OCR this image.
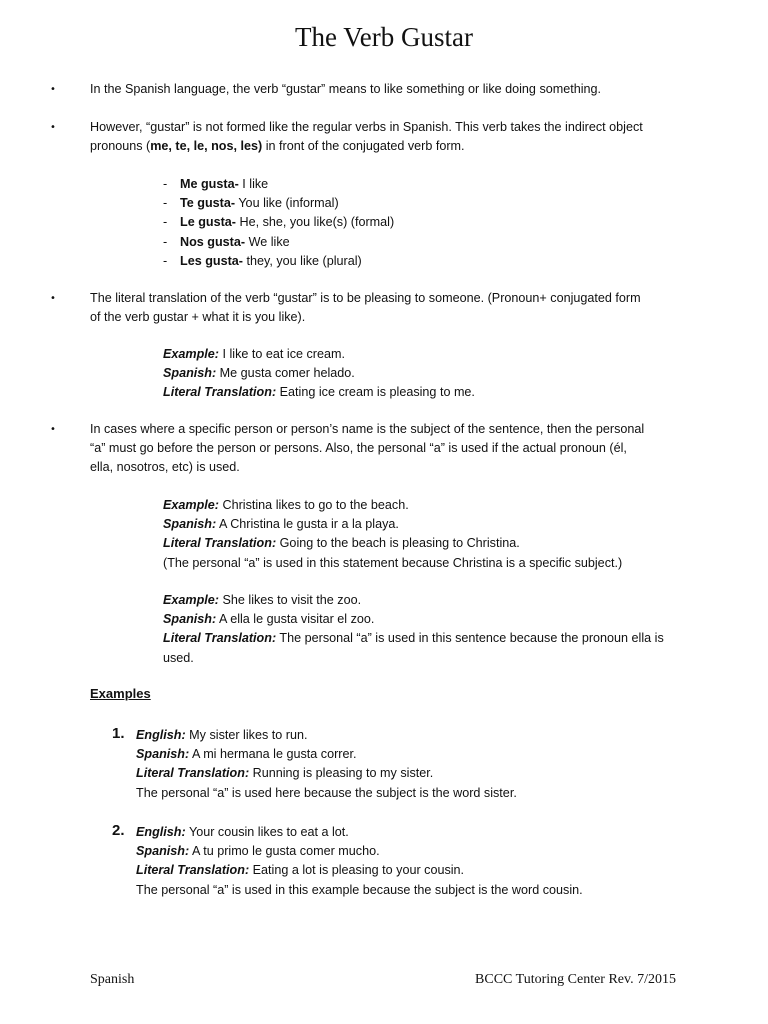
The Verb Gustar
•	In the Spanish language, the verb “gustar” means to like something or like doing something.
•	However, “gustar” is not formed like the regular verbs in Spanish. This verb takes the indirect object
pronouns (me, te, le, nos, les) in front of the conjugated verb form.
- Me gusta- I like
- Te gusta- You like (informal)
- Le gusta- He, she, you like(s) (formal)
- Nos gusta- We like
- Les gusta- they, you like (plural)
•	The literal translation of the verb “gustar” is to be pleasing to someone. (Pronoun+ conjugated form
of the verb gustar + what it is you like).
Example: I like to eat ice cream.
Spanish: Me gusta comer helado.
Literal Translation: Eating ice cream is pleasing to me.
•	In cases where a specific person or person’s name is the subject of the sentence, then the personal
“a” must go before the person or persons. Also, the personal “a” is used if the actual pronoun (él,
ella, nosotros, etc) is used.
Example: Christina likes to go to the beach.
Spanish: A Christina le gusta ir a la playa.
Literal Translation: Going to the beach is pleasing to Christina.
(The personal “a” is used in this statement because Christina is a specific subject.)
Example: She likes to visit the zoo.
Spanish: A ella le gusta visitar el zoo.
Literal Translation: The personal “a” is used in this sentence because the pronoun ella is
used.
Examples
1. English: My sister likes to run.
Spanish: A mi hermana le gusta correr.
Literal Translation: Running is pleasing to my sister.
The personal “a” is used here because the subject is the word sister.
2. English: Your cousin likes to eat a lot.
Spanish: A tu primo le gusta comer mucho.
Literal Translation: Eating a lot is pleasing to your cousin.
The personal “a” is used in this example because the subject is the word cousin.
Spanish	BCCC Tutoring Center Rev. 7/2015
